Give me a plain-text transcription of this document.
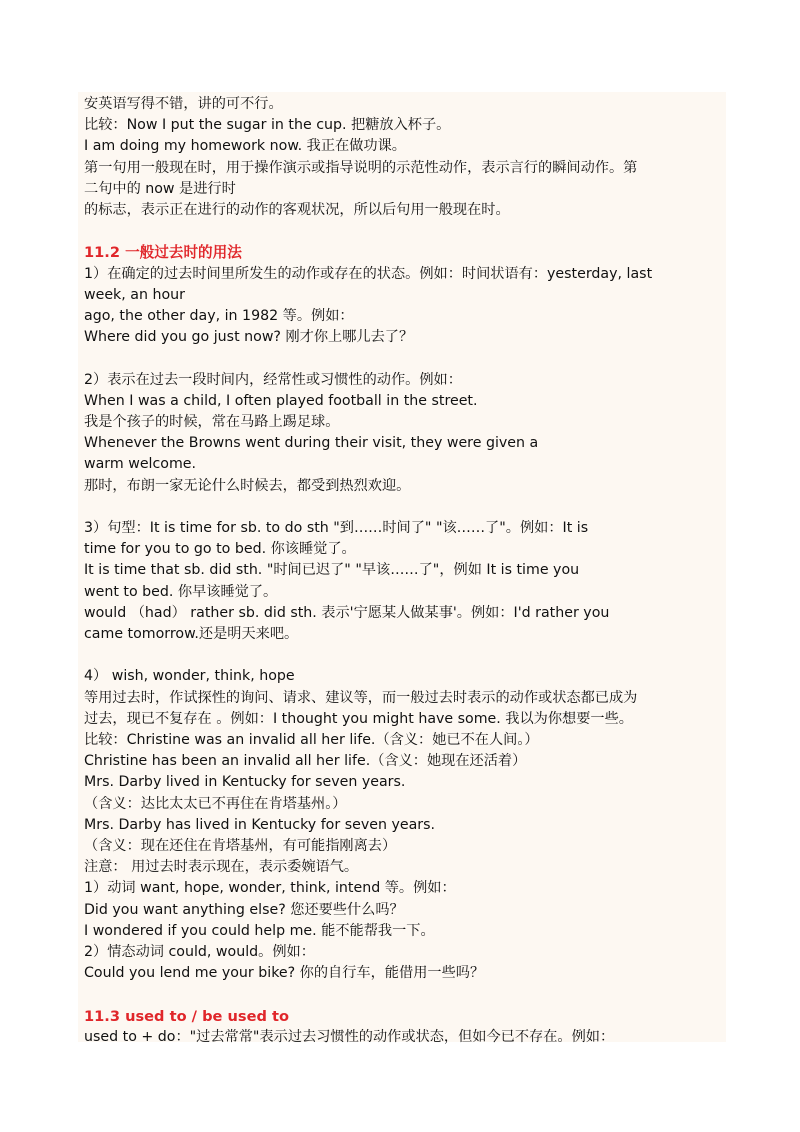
安英语写得不错，讲的可不行。
比较：Now I put the sugar in the cup. 把糖放入杯子。
I am doing my homework now. 我正在做功课。
第一句用一般现在时，用于操作演示或指导说明的示范性动作，表示言行的瞬间动作。第
二句中的 now 是进行时
的标志，表示正在进行的动作的客观状况，所以后句用一般现在时。
11.2 一般过去时的用法
1）在确定的过去时间里所发生的动作或存在的状态。例如：时间状语有：yesterday, last
week, an hour
ago, the other day, in 1982 等。例如：
Where did you go just now? 刚才你上哪儿去了？
2）表示在过去一段时间内，经常性或习惯性的动作。例如：
When I was a child, I often played football in the street.
我是个孩子的时候，常在马路上踢足球。
Whenever the Browns went during their visit, they were given a
warm welcome.
那时，布朗一家无论什么时候去，都受到热烈欢迎。
3）句型：It is time for sb. to do sth "到……时间了" "该……了"。例如：It is
time for you to go to bed. 你该睡觉了。
It is time that sb. did sth. "时间已迟了" "早该……了"，例如 It is time you
went to bed. 你早该睡觉了。
would （had） rather sb. did sth. 表示'宁愿某人做某事'。例如：I'd rather you
came tomorrow.还是明天来吧。
4） wish, wonder, think, hope
等用过去时，作试探性的询问、请求、建议等，而一般过去时表示的动作或状态都已成为
过去，现已不复存在 。例如：I thought you might have some. 我以为你想要一些。
比较：Christine was an invalid all her life.（含义：她已不在人间。）
Christine has been an invalid all her life.（含义：她现在还活着）
Mrs. Darby lived in Kentucky for seven years.
（含义：达比太太已不再住在肯塔基州。）
Mrs. Darby has lived in Kentucky for seven years.
（含义：现在还住在肯塔基州，有可能指刚离去）
注意： 用过去时表示现在，表示委婉语气。
1）动词 want, hope, wonder, think, intend 等。例如：
Did you want anything else? 您还要些什么吗？
I wondered if you could help me. 能不能帮我一下。
2）情态动词 could, would。例如：
Could you lend me your bike? 你的自行车，能借用一些吗？
11.3 used to / be used to
used to + do："过去常常"表示过去习惯性的动作或状态，但如今已不存在。例如：
